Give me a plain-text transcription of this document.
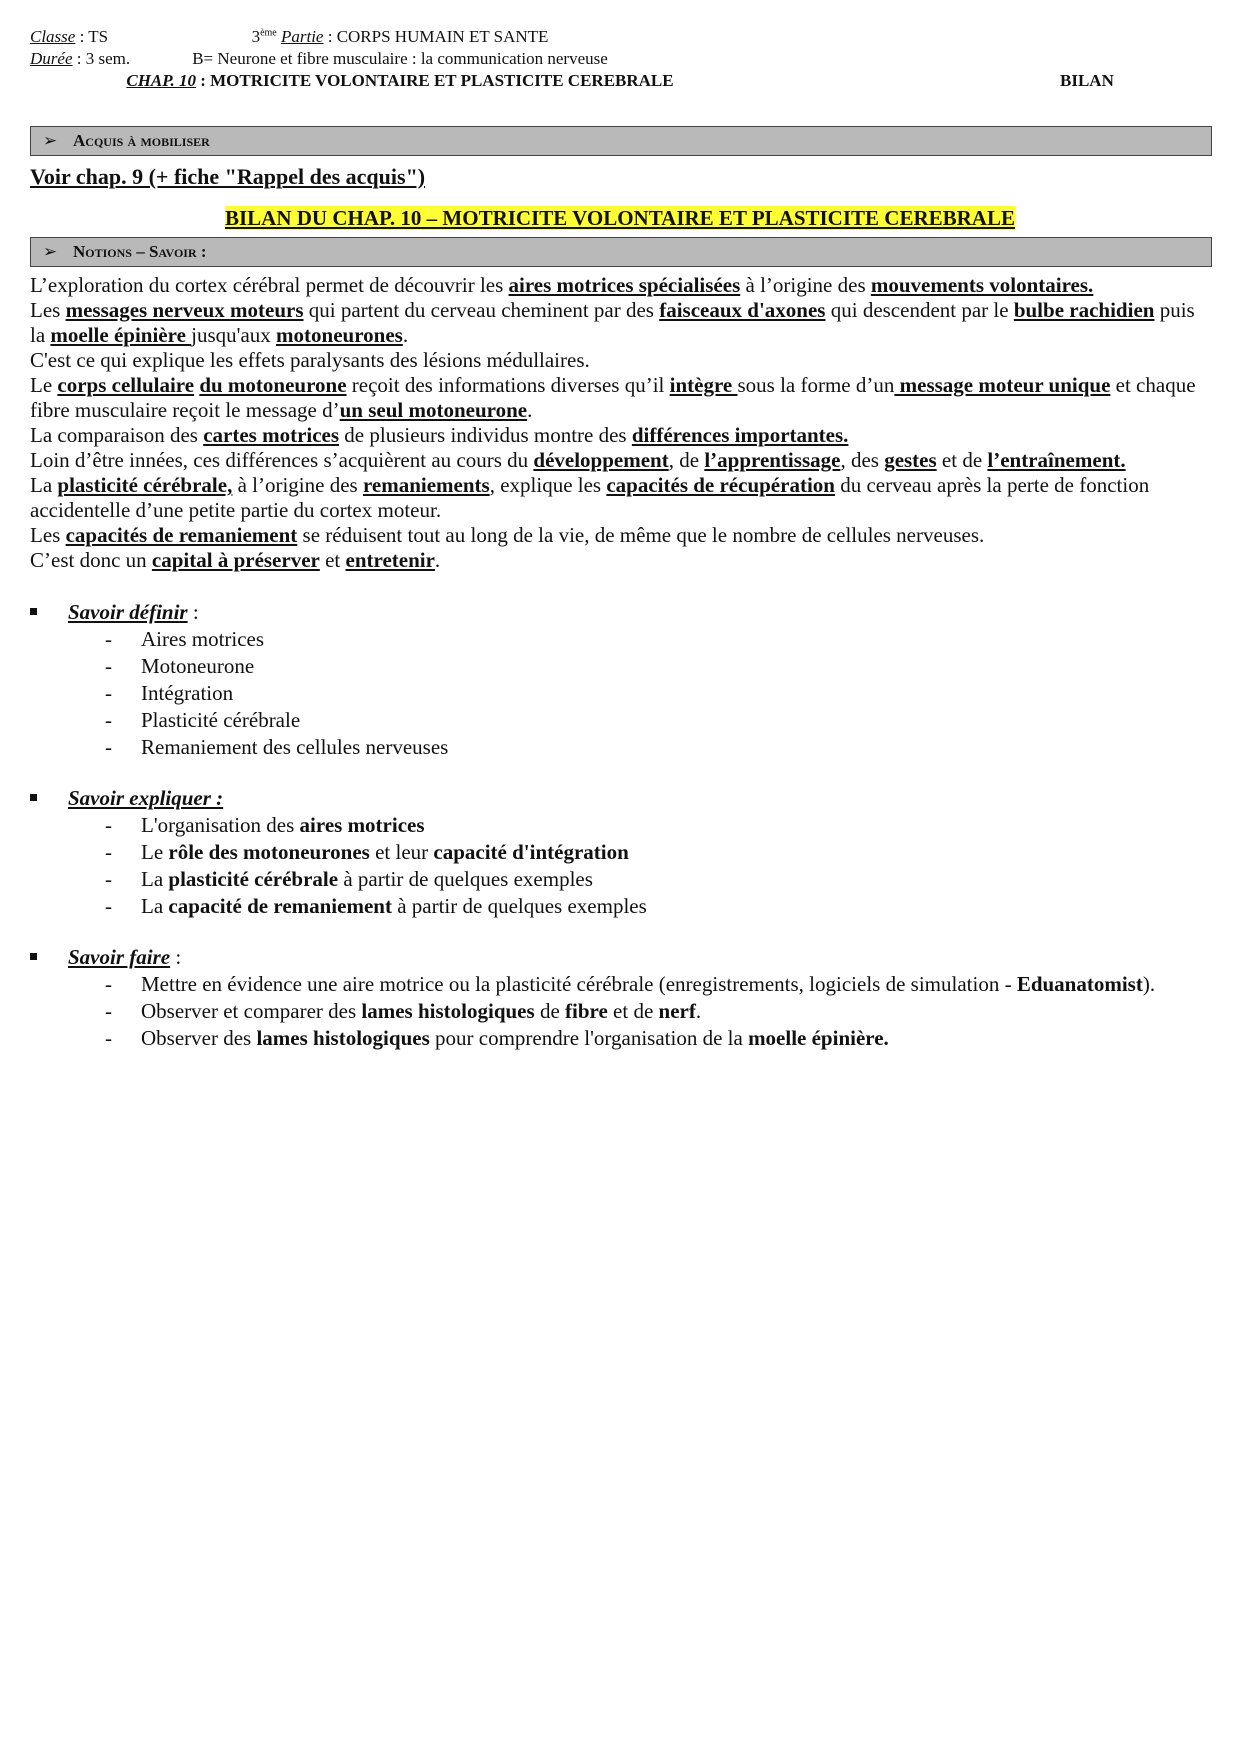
Classe : TS
Durée : 3 sem.
3ème Partie : CORPS HUMAIN ET SANTE
B= Neurone et fibre musculaire : la communication nerveuse
CHAP. 10 : MOTRICITE VOLONTAIRE ET PLASTICITE CEREBRALE	BILAN
➢ Acquis à mobiliser
Voir chap. 9 (+ fiche "Rappel des acquis")
BILAN DU CHAP. 10 – MOTRICITE VOLONTAIRE ET PLASTICITE CEREBRALE
➢ Notions – Savoir :

L’exploration du cortex cérébral permet de découvrir les aires motrices spécialisées à l’origine des mouvements volontaires.

Les messages nerveux moteurs qui partent du cerveau cheminent par des faisceaux d'axones qui descendent par le bulbe rachidien puis la moelle épinière jusqu'aux motoneurones.

C'est ce qui explique les effets paralysants des lésions médullaires.

Le corps cellulaire du motoneurone reçoit des informations diverses qu’il intègre sous la forme d’un message moteur unique et chaque fibre musculaire reçoit le message d’un seul motoneurone.

La comparaison des cartes motrices de plusieurs individus montre des différences importantes.

Loin d’être innées, ces différences s’acquièrent au cours du développement, de l’apprentissage, des gestes et de l’entraînement.

La plasticité cérébrale, à l’origine des remaniements, explique les capacités de récupération du cerveau après la perte de fonction accidentelle d’une petite partie du cortex moteur.

Les capacités de remaniement se réduisent tout au long de la vie, de même que le nombre de cellules nerveuses.

C’est donc un capital à préserver et entretenir.

Savoir définir :
- Aires motrices
- Motoneurone
- Intégration
- Plasticité cérébrale
- Remaniement des cellules nerveuses
Savoir expliquer :
- L'organisation des aires motrices
- Le rôle des motoneurones et leur capacité d'intégration
- La plasticité cérébrale à partir de quelques exemples
- La capacité de remaniement à partir de quelques exemples
Savoir faire :
- Mettre en évidence une aire motrice ou la plasticité cérébrale (enregistrements, logiciels de simulation - Eduanatomist).
- Observer et comparer des lames histologiques de fibre et de nerf.
- Observer des lames histologiques pour comprendre l'organisation de la moelle épinière.
